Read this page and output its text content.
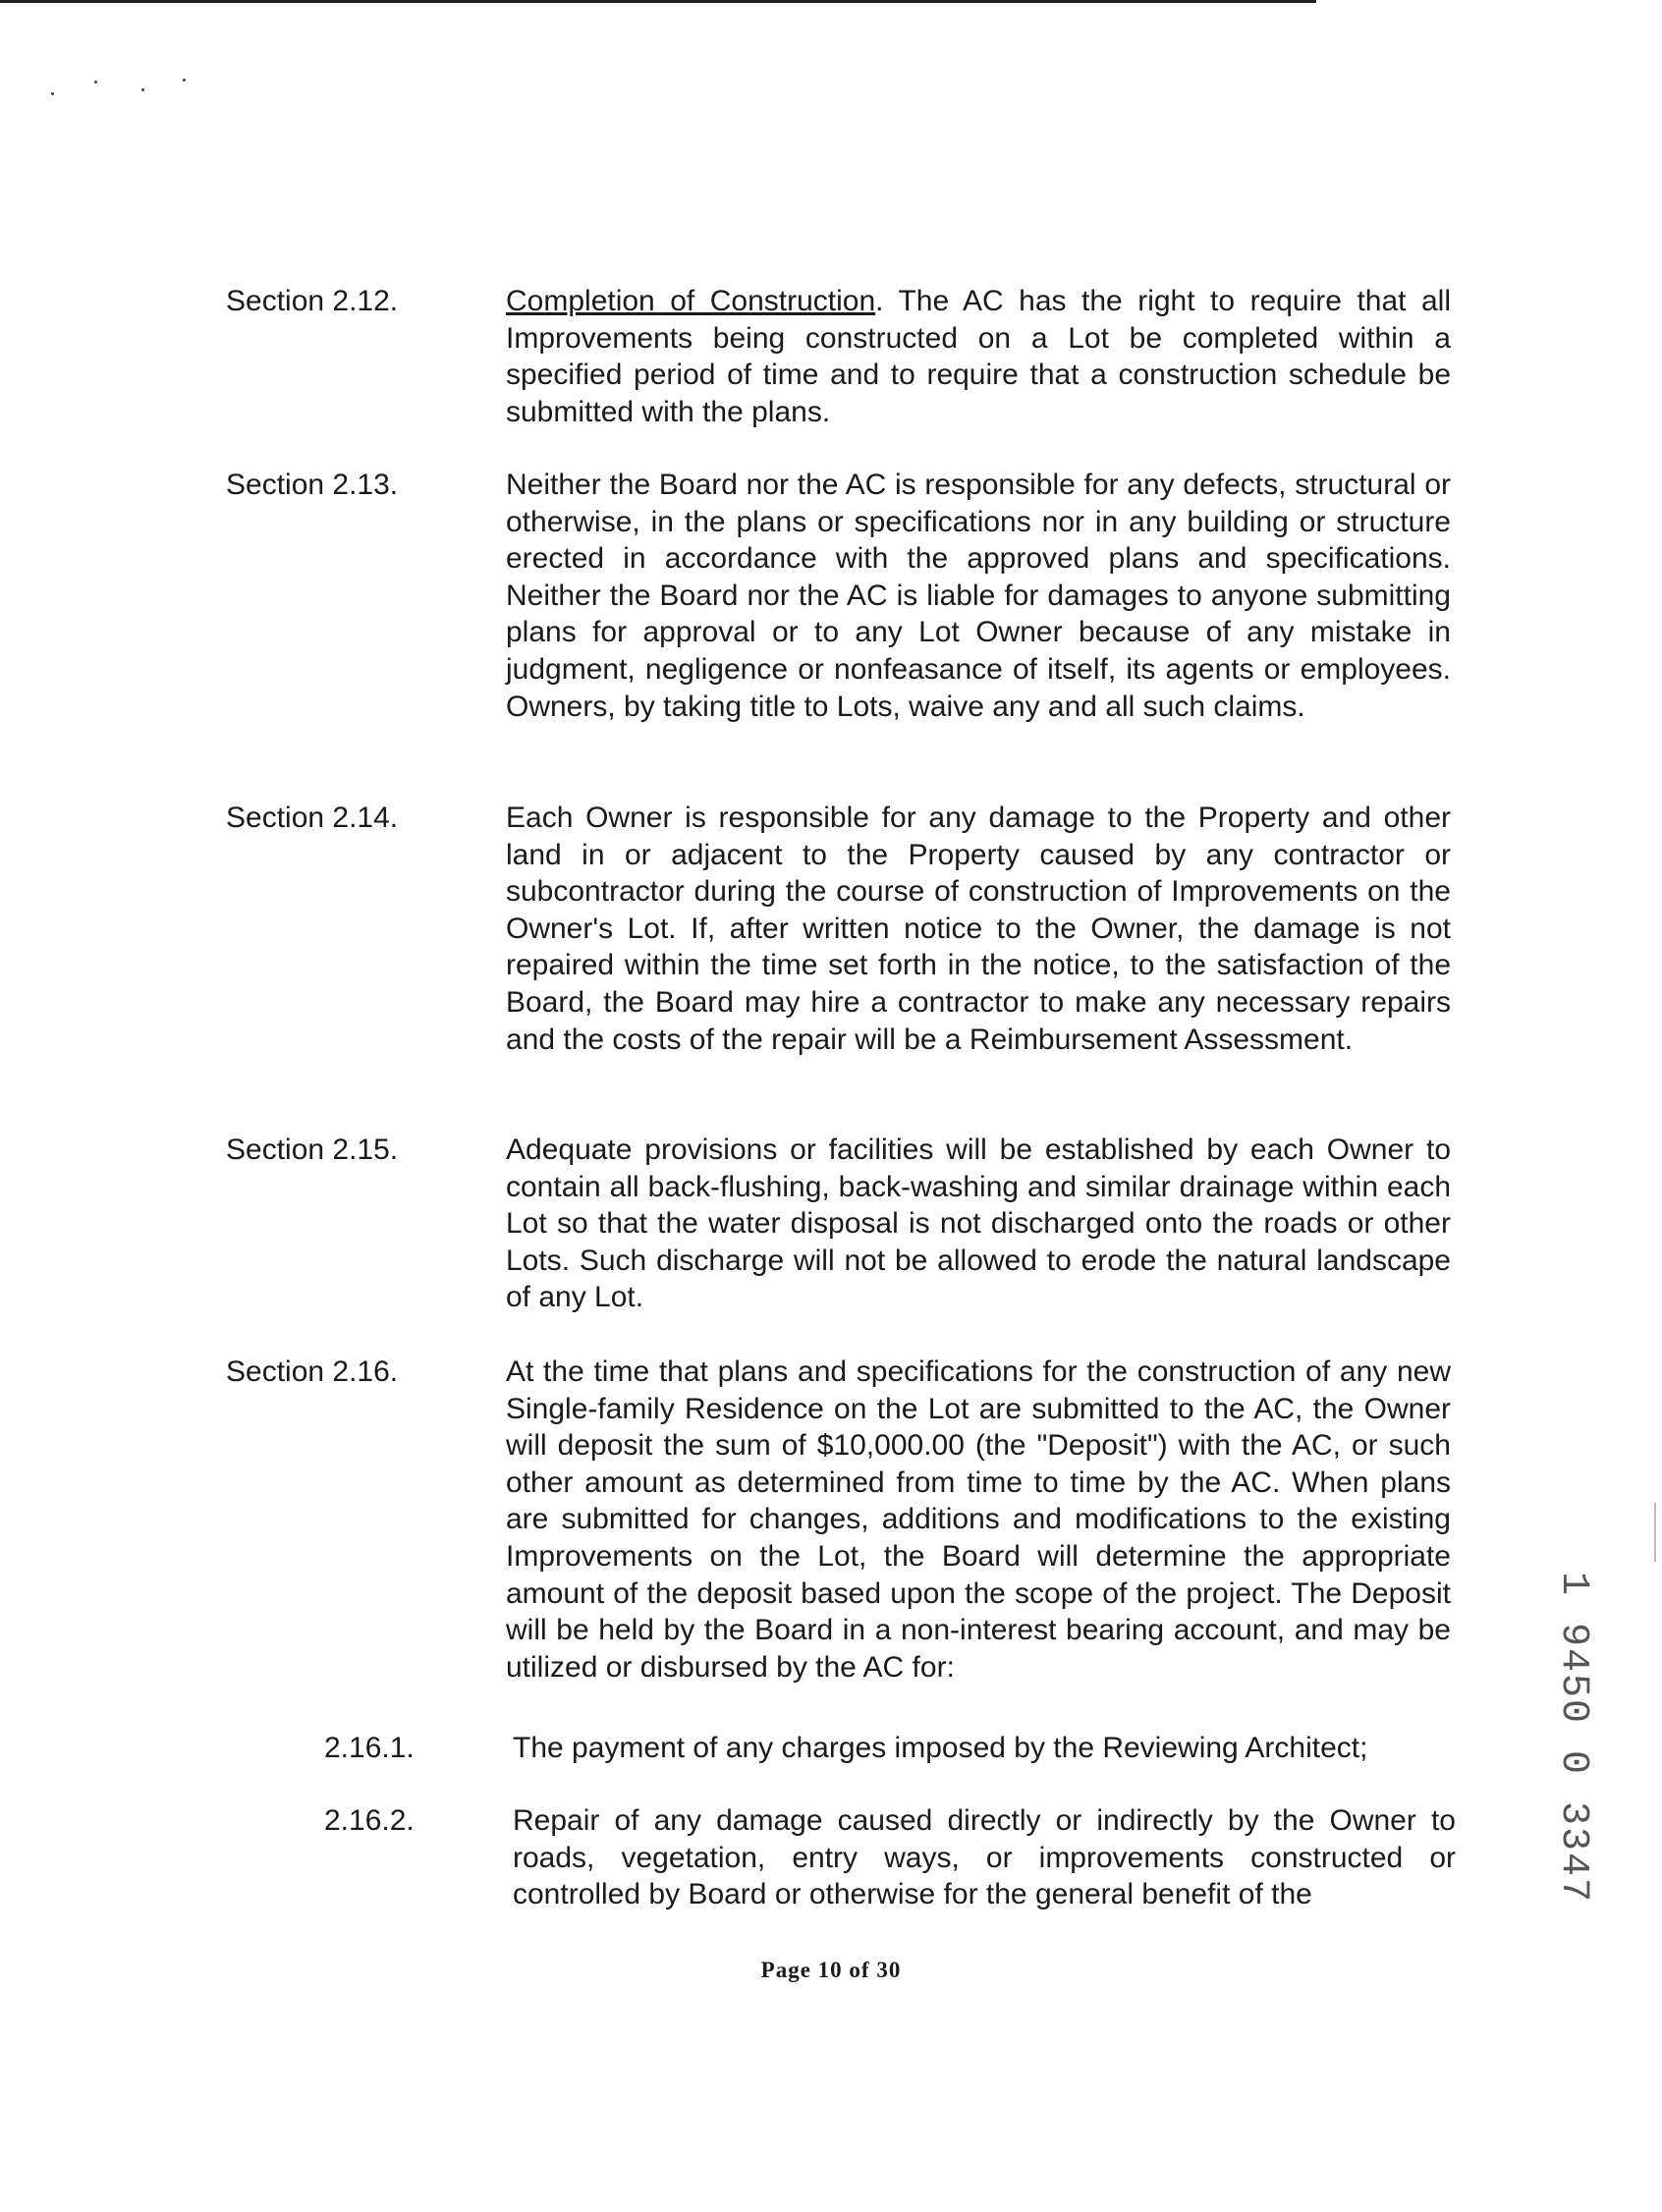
Section 2.12.	Completion of Construction. The AC has the right to require that all Improvements being constructed on a Lot be completed within a specified period of time and to require that a construction schedule be submitted with the plans.
Section 2.13.	Neither the Board nor the AC is responsible for any defects, structural or otherwise, in the plans or specifications nor in any building or structure erected in accordance with the approved plans and specifications. Neither the Board nor the AC is liable for damages to anyone submitting plans for approval or to any Lot Owner because of any mistake in judgment, negligence or nonfeasance of itself, its agents or employees. Owners, by taking title to Lots, waive any and all such claims.
Section 2.14.	Each Owner is responsible for any damage to the Property and other land in or adjacent to the Property caused by any contractor or subcontractor during the course of construction of Improvements on the Owner's Lot. If, after written notice to the Owner, the damage is not repaired within the time set forth in the notice, to the satisfaction of the Board, the Board may hire a contractor to make any necessary repairs and the costs of the repair will be a Reimbursement Assessment.
Section 2.15.	Adequate provisions or facilities will be established by each Owner to contain all back-flushing, back-washing and similar drainage within each Lot so that the water disposal is not discharged onto the roads or other Lots. Such discharge will not be allowed to erode the natural landscape of any Lot.
Section 2.16.	At the time that plans and specifications for the construction of any new Single-family Residence on the Lot are submitted to the AC, the Owner will deposit the sum of $10,000.00 (the "Deposit") with the AC, or such other amount as determined from time to time by the AC. When plans are submitted for changes, additions and modifications to the existing Improvements on the Lot, the Board will determine the appropriate amount of the deposit based upon the scope of the project. The Deposit will be held by the Board in a non-interest bearing account, and may be utilized or disbursed by the AC for:
2.16.1.	The payment of any charges imposed by the Reviewing Architect;
2.16.2.	Repair of any damage caused directly or indirectly by the Owner to roads, vegetation, entry ways, or improvements constructed or controlled by Board or otherwise for the general benefit of the
Page 10 of 30
1 9450 0 3347
